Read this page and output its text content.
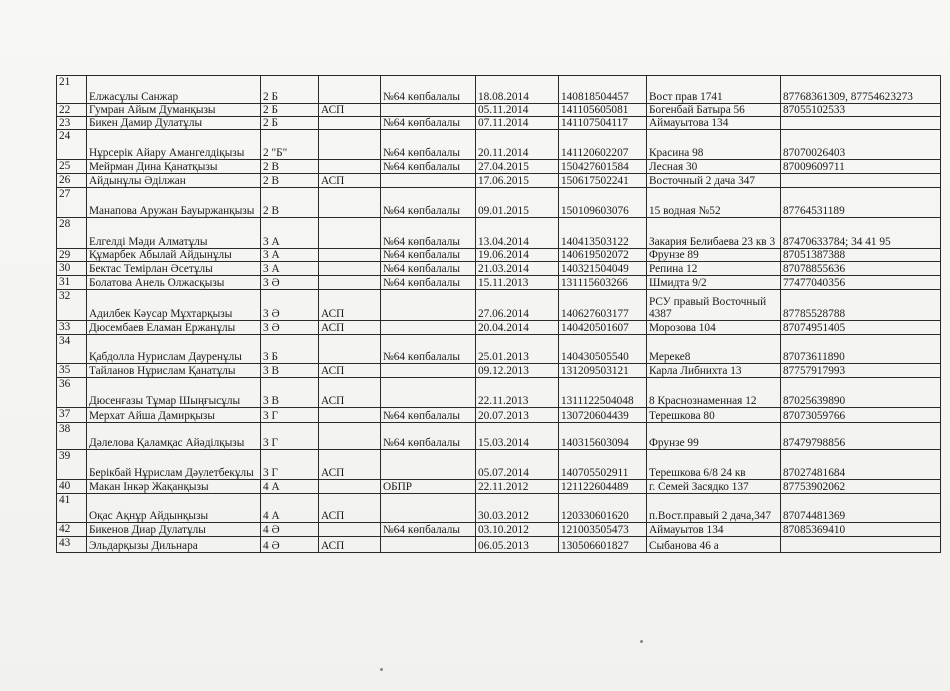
21	Елжасұлы Санжар	2 Б		№64 көпбалалы	18.08.2014	140818504457	Вост прав 1741	87768361309, 87754623273
22	Гумран Айым Думанқызы	2 Б	АСП		05.11.2014	141105605081	Богенбай Батыра 56	87055102533
23	Бикен Дамир Дулатұлы	2 Б		№64 көпбалалы	07.11.2014	141107504117	Аймауытова 134	
24	Нұрсерік Айару Амангелдіқызы	2 "Б"		№64 көпбалалы	20.11.2014	141120602207	Красина 98	87070026403
25	Мейрман Дина Қанатқызы	2 В		№64 көпбалалы	27.04.2015	150427601584	Лесная 30	87009609711
26	Айдынұлы Әділжан	2 В	АСП		17.06.2015	150617502241	Восточный 2 дача 347	
27	Манапова Аружан Бауыржанқызы	2 В		№64 көпбалалы	09.01.2015	150109603076	15 водная №52	87764531189
28	Елгелді Мәди Алматұлы	3 А		№64 көпбалалы	13.04.2014	140413503122	Закария Белибаева 23 кв 3	87470633784; 34 41 95
29	Құмарбек Абылай Айдынұлы	3 А		№64 көпбалалы	19.06.2014	140619502072	Фрунзе 89	87051387388
30	Бектас Темірлан Әсетұлы	3 А		№64 көпбалалы	21.03.2014	140321504049	Репина 12	87078855636
31	Болатова Анель Олжасқызы	3 Ә		№64 көпбалалы	15.11.2013	131115603266	Шмидта 9/2	77477040356
32	Адилбек Кәусар Мұхтарқызы	3 Ә	АСП		27.06.2014	140627603177	РСУ правый Восточный 4387	87785528788
33	Дюсембаев Еламан Ержанұлы	3 Ә	АСП		20.04.2014	140420501607	Морозова 104	87074951405
34	Қабдолла Нурислам Дауренұлы	3 Б		№64 көпбалалы	25.01.2013	140430505540	Мереке8	87073611890
35	Тайланов Нұрислам Қанатұлы	3 В	АСП		09.12.2013	131209503121	Карла Либнихта 13	87757917993
36	Дюсенғазы Тұмар Шыңғысұлы	3 В	АСП		22.11.2013	1311122504048	8 Краснознаменная 12	87025639890
37	Мерхат Айша Дамирқызы	3 Г		№64 көпбалалы	20.07.2013	130720604439	Терешкова 80	87073059766
38	Дәлелова Қаламқас Айәділқызы	3 Г		№64 көпбалалы	15.03.2014	140315603094	Фрунзе 99	87479798856
39	Берікбай Нұрислам Дәулетбекұлы	3 Г	АСП		05.07.2014	140705502911	Терешкова 6/8 24 кв	87027481684
40	Макан Інкәр Жақанқызы	4 А		ОБПР	22.11.2012	121122604489	г. Семей Засядко 137	87753902062
41	Оқас Ақнұр Айдынқызы	4 А	АСП		30.03.2012	120330601620	п.Вост.правый 2 дача,347	87074481369
42	Бикенов Диар Дулатұлы	4 Ә		№64 көпбалалы	03.10.2012	121003505473	Аймауытов 134	87085369410
43	Эльдарқызы Дильнара	4 Ә	АСП		06.05.2013	130506601827	Сыбанова 46 а	
